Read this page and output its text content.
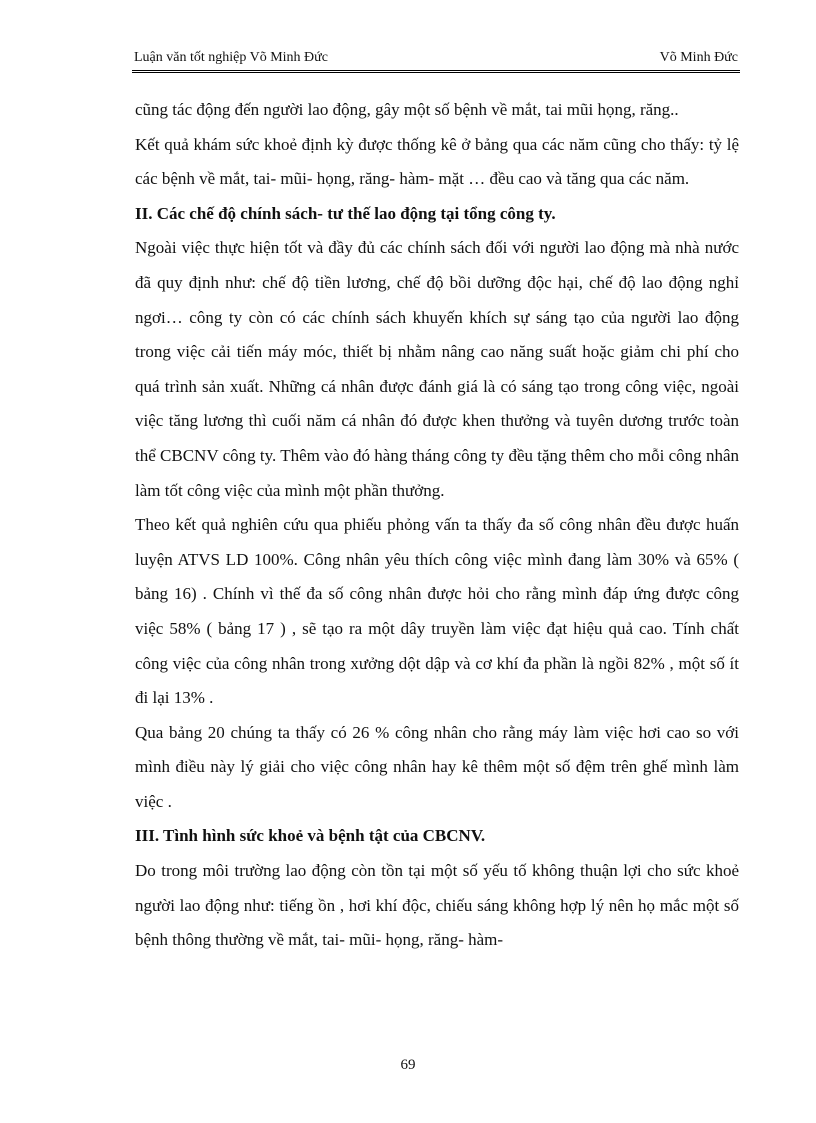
Luận văn tốt nghiệp Võ Minh Đức	Võ Minh Đức

cũng tác động đến người lao động, gây một số bệnh về mắt, tai mũi họng, răng..

Kết quả khám sức khoẻ định kỳ được thống kê ở bảng qua các năm cũng cho thấy: tỷ lệ các bệnh về mắt, tai- mũi- họng, răng- hàm- mặt … đều cao và tăng qua các năm.

II. Các chế độ chính sách- tư thế lao động tại tổng công ty.

Ngoài việc thực hiện tốt và đầy đủ các chính sách đối với người lao động mà nhà nước đã quy định như: chế độ tiền lương, chế độ bồi dưỡng độc hại, chế độ lao động nghỉ ngơi… công ty còn có các chính sách khuyến khích sự sáng tạo của người lao động trong việc cải tiến máy móc, thiết bị nhằm nâng cao năng suất hoặc giảm chi phí cho quá trình sản xuất. Những cá nhân được đánh giá là có sáng tạo trong công việc, ngoài việc tăng lương thì cuối năm cá nhân đó được khen thưởng và tuyên dương trước toàn thể CBCNV công ty. Thêm vào đó hàng tháng công ty đều tặng thêm cho mỗi công nhân làm tốt công việc của mình một phần thưởng.

Theo kết quả nghiên cứu qua phiếu phỏng vấn ta thấy đa số công nhân đều được huấn luyện ATVS LD 100%. Công nhân yêu thích công việc mình đang làm 30% và 65% ( bảng 16) . Chính vì thế đa số công nhân được hỏi cho rằng mình đáp ứng được công việc 58% ( bảng 17 ) , sẽ tạo ra một dây truyền làm việc đạt hiệu quả cao. Tính chất công việc của công nhân trong xưởng dột dập và cơ khí đa phần là ngồi 82% , một số ít đi lại 13% .

Qua bảng 20 chúng ta thấy có 26 % công nhân cho rằng máy làm việc hơi cao so với mình điều này lý giải cho việc công nhân hay kê thêm một số đệm trên ghế mình làm việc .

III. Tình hình sức khoẻ và bệnh tật của CBCNV.

Do trong môi trường lao động còn tồn tại một số yếu tố không thuận lợi cho sức khoẻ người lao động như: tiếng ồn , hơi khí độc, chiếu sáng không hợp lý nên họ mắc một số bệnh thông thường về mắt, tai- mũi- họng, răng- hàm-

69
